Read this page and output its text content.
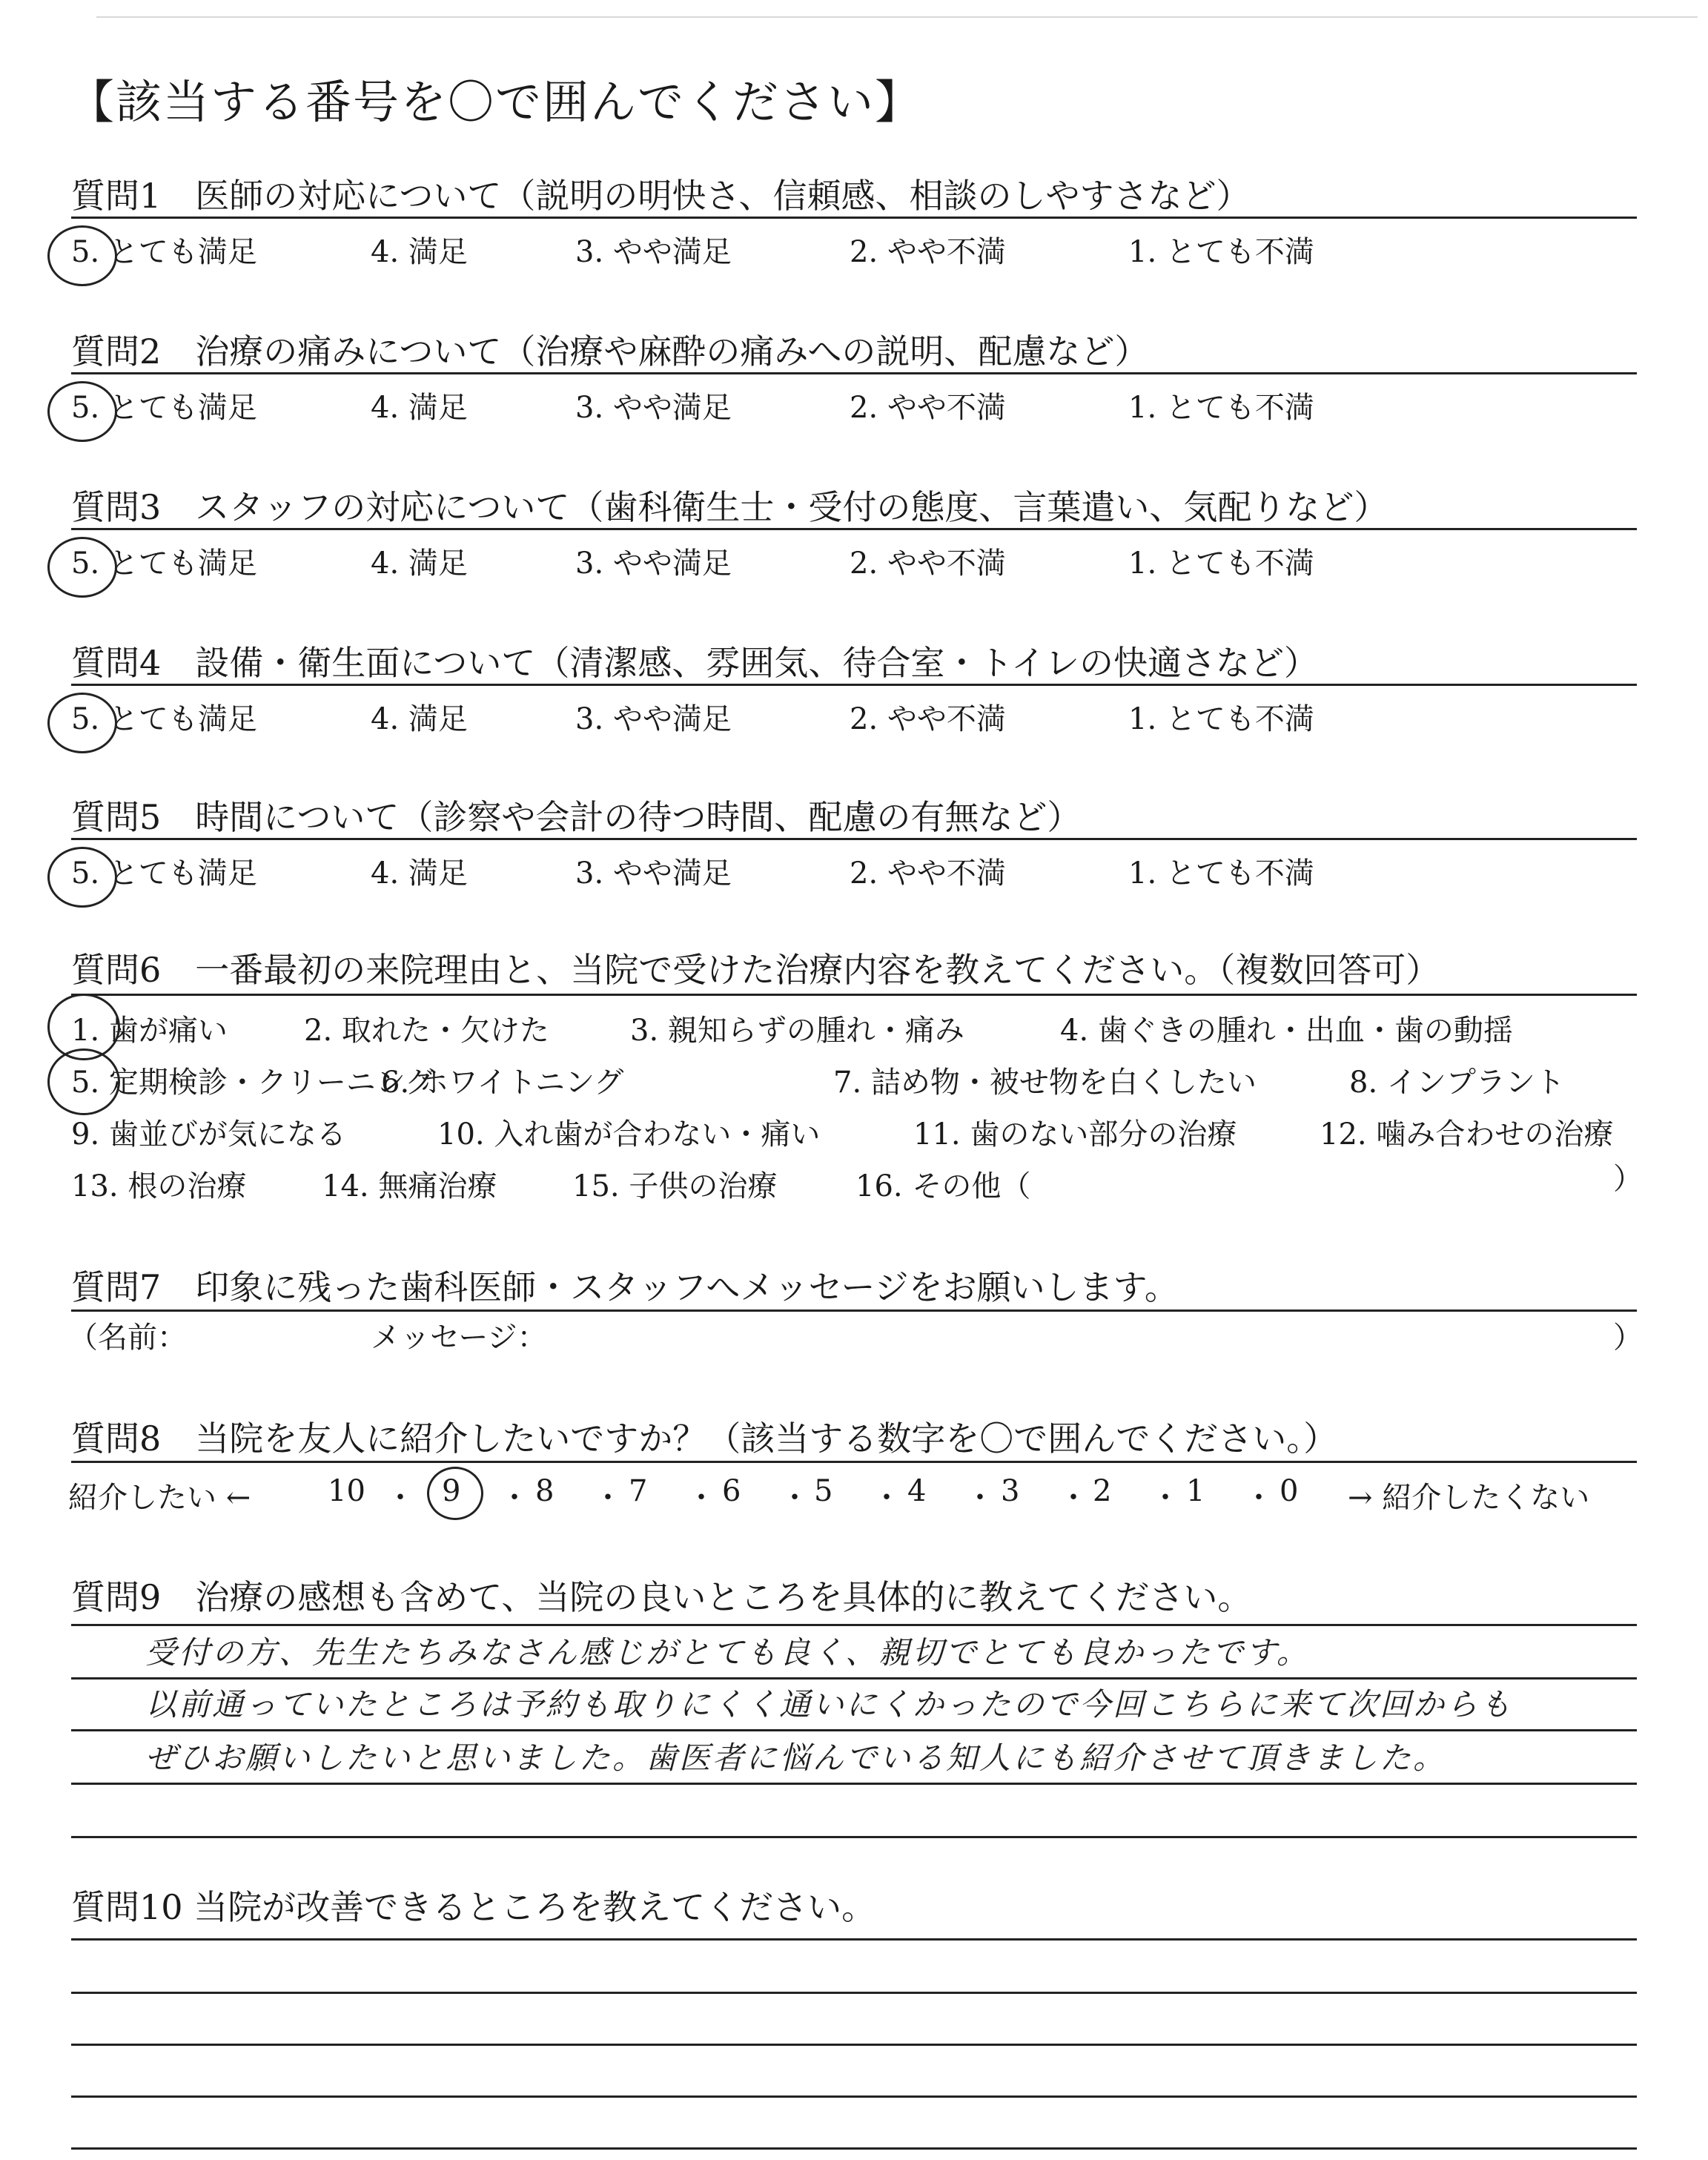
【該当する番号を〇で囲んでください】
質問1　医師の対応について（説明の明快さ、信頼感、相談のしやすさなど）
5. とても満足	4. 満足	3. やや満足	2. やや不満	1. とても不満
質問2　治療の痛みについて（治療や麻酔の痛みへの説明、配慮など）
5. とても満足	4. 満足	3. やや満足	2. やや不満	1. とても不満
質問3　スタッフの対応について（歯科衛生士・受付の態度、言葉遣い、気配りなど）
5. とても満足	4. 満足	3. やや満足	2. やや不満	1. とても不満
質問4　設備・衛生面について（清潔感、雰囲気、待合室・トイレの快適さなど）
5. とても満足	4. 満足	3. やや満足	2. やや不満	1. とても不満
質問5　時間について（診察や会計の待つ時間、配慮の有無など）
5. とても満足	4. 満足	3. やや満足	2. やや不満	1. とても不満
質問6　一番最初の来院理由と、当院で受けた治療内容を教えてください。（複数回答可）
1. 歯が痛い	2. 取れた・欠けた	3. 親知らずの腫れ・痛み	4. 歯ぐきの腫れ・出血・歯の動揺
5. 定期検診・クリーニング
6. ホワイトニング	7. 詰め物・被せ物を白くしたい	8. インプラント
9. 歯並びが気になる	10. 入れ歯が合わない・痛い	11. 歯のない部分の治療	12. 噛み合わせの治療
13. 根の治療	14. 無痛治療	15. 子供の治療	16. その他（	）
質問7　印象に残った歯科医師・スタッフへメッセージをお願いします。
（名前：	メッセージ：	）
質問8　当院を友人に紹介したいですか？（該当する数字を〇で囲んでください。）
紹介したい ←	10 ・ 9 ・ 8 ・ 7 ・ 6 ・ 5 ・ 4 ・ 3 ・ 2 ・ 1 ・ 0 → 紹介したくない
質問9　治療の感想も含めて、当院の良いところを具体的に教えてください。
受付の方、先生たちみなさん感じがとても良く、親切でとても良かったです。
以前通っていたところは予約も取りにくく通いにくかったので今回こちらに来て次回からも
ぜひお願いしたいと思いました。歯医者に悩んでいる知人にも紹介させて頂きました。
質問10 当院が改善できるところを教えてください。
